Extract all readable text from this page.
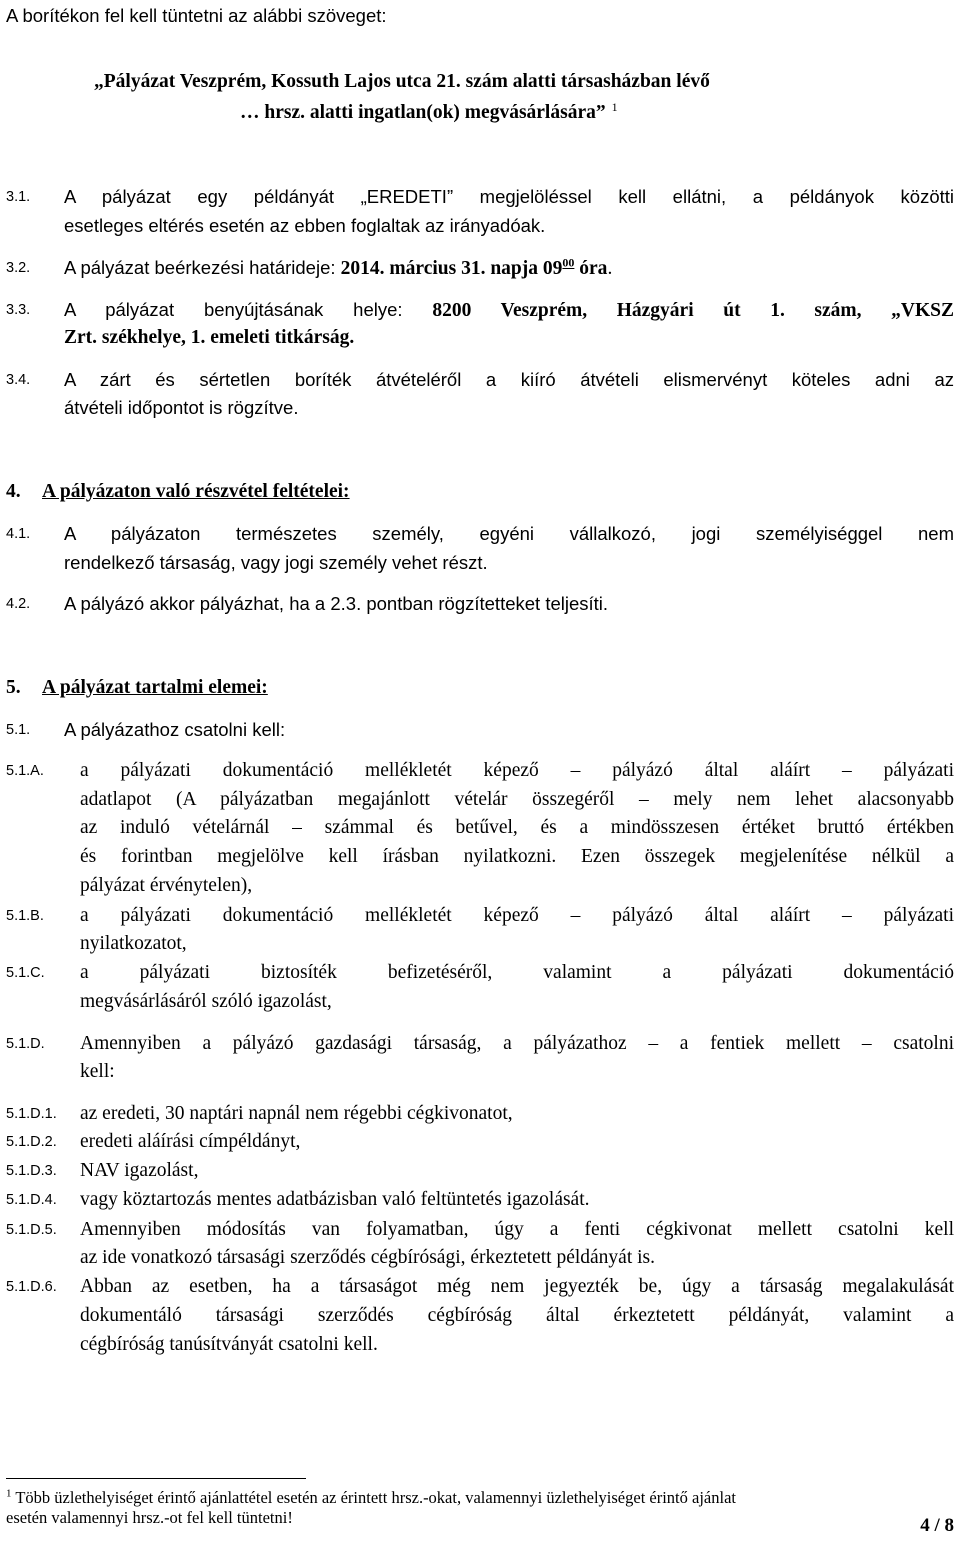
A borítékon fel kell tüntetni az alábbi szöveget:
„Pályázat Veszprém, Kossuth Lajos utca 21. szám alatti társasházban lévő
… hrsz. alatti ingatlan(ok) megvásárlására” $^1$
3.1. A pályázat egy példányát „EREDETI” megjelöléssel kell ellátni, a példányok közötti
esetleges eltérés esetén az ebben foglaltak az irányadóak.
3.2. A pályázat beérkezési határideje: 2014. március 31. napja $09^{00}$ óra.
3.3. A pályázat benyújtásának helye: 8200 Veszprém, Házgyári út 1. szám, „VKSZ
Zrt. székhelye, 1. emeleti titkárság.
3.4. A zárt és sértetlen boríték átvételéről a kiíró átvételi elismervényt köteles adni az
átvételi időpontot is rögzítve.
4. A pályázaton való részvétel feltételei:
4.1. A pályázaton természetes személy, egyéni vállalkozó, jogi személyiséggel nem
rendelkező társaság, vagy jogi személy vehet részt.
4.2. A pályázó akkor pályázhat, ha a 2.3. pontban rögzítetteket teljesíti.
5. A pályázat tartalmi elemei:
5.1. A pályázathoz csatolni kell:
5.1.A. a pályázati dokumentáció mellékletét képező – pályázó által aláírt – pályázati
adatlapot (A pályázatban megajánlott vételár összegéről – mely nem lehet alacsonyabb
az induló vételárnál – számmal és betűvel, és a mindösszesen értéket bruttó értékben
és forintban megjelölve kell írásban nyilatkozni. Ezen összegek megjelenítése nélkül a
pályázat érvénytelen),
5.1.B. a pályázati dokumentáció mellékletét képező – pályázó által aláírt – pályázati
nyilatkozatot,
5.1.C. a pályázati biztosíték befizetéséről, valamint a pályázati dokumentáció
megvásárlásáról szóló igazolást,
5.1.D. Amennyiben a pályázó gazdasági társaság, a pályázathoz – a fentiek mellett – csatolni
kell:
5.1.D.1. az eredeti, 30 naptári napnál nem régebbi cégkivonatot,
5.1.D.2. eredeti aláírási címpéldányt,
5.1.D.3. NAV igazolást,
5.1.D.4. vagy köztartozás mentes adatbázisban való feltüntetés igazolását.
5.1.D.5. Amennyiben módosítás van folyamatban, úgy a fenti cégkivonat mellett csatolni kell
az ide vonatkozó társasági szerződés cégbírósági, érkeztetett példányát is.
5.1.D.6. Abban az esetben, ha a társaságot még nem jegyezték be, úgy a társaság megalakulását
dokumentáló társasági szerződés cégbíróság által érkeztetett példányát, valamint a
cégbíróság tanúsítványát csatolni kell.
$^1$ Több üzlethelyiséget érintő ajánlattétel esetén az érintett hrsz.-okat, valamennyi üzlethelyiséget érintő ajánlat
esetén valamennyi hrsz.-ot fel kell tüntetni!	4 / 8
